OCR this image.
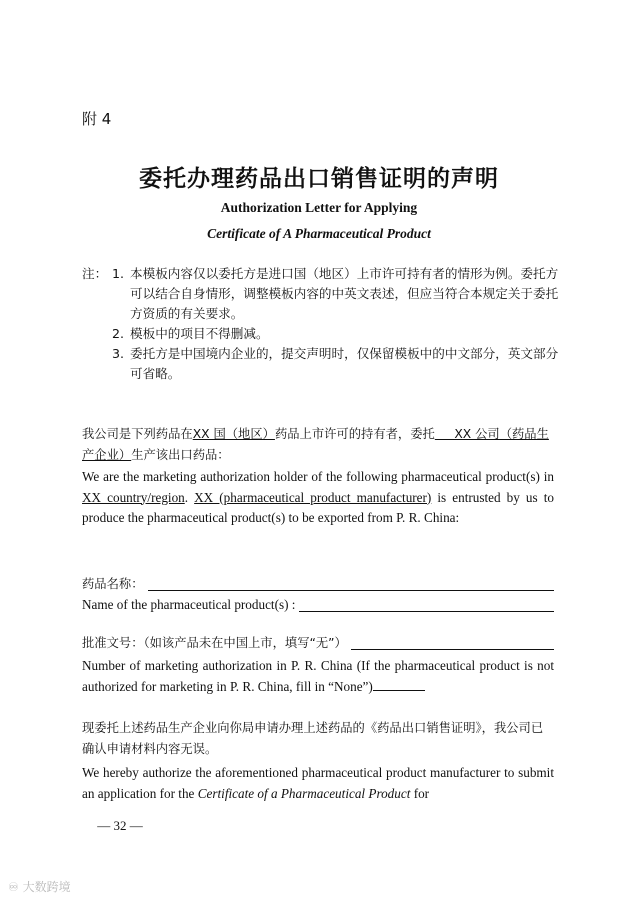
附 4
委托办理药品出口销售证明的声明
Authorization Letter for Applying
Certificate of A Pharmaceutical Product
注： 1. 本模板内容仅以委托方是进口国（地区）上市许可持有者的情形为例。委托方可以结合自身情形，调整模板内容的中英文表述，但应当符合本规定关于委托方资质的有关要求。
2. 模板中的项目不得删减。
3. 委托方是中国境内企业的，提交声明时，仅保留模板中的中文部分，英文部分可省略。
我公司是下列药品在XX 国（地区）药品上市许可的持有者，委托     XX 公司（药品生产企业）生产该出口药品：
We are the marketing authorization holder of the following pharmaceutical product(s) in XX country/region. XX (pharmaceutical product manufacturer) is entrusted by us to produce the pharmaceutical product(s) to be exported from P. R. China:
药品名称：
Name of the pharmaceutical product(s) :
批准文号：（如该产品未在中国上市，填写“无”）
Number of marketing authorization in P. R. China (If the pharmaceutical product is not authorized for marketing in P. R. China, fill in “None”)
现委托上述药品生产企业向你局申请办理上述药品的《药品出口销售证明》，我公司已确认申请材料内容无误。
We hereby authorize the aforementioned pharmaceutical product manufacturer to submit an application for the Certificate of a Pharmaceutical Product for
— 32 —
♾ 大数跨境
